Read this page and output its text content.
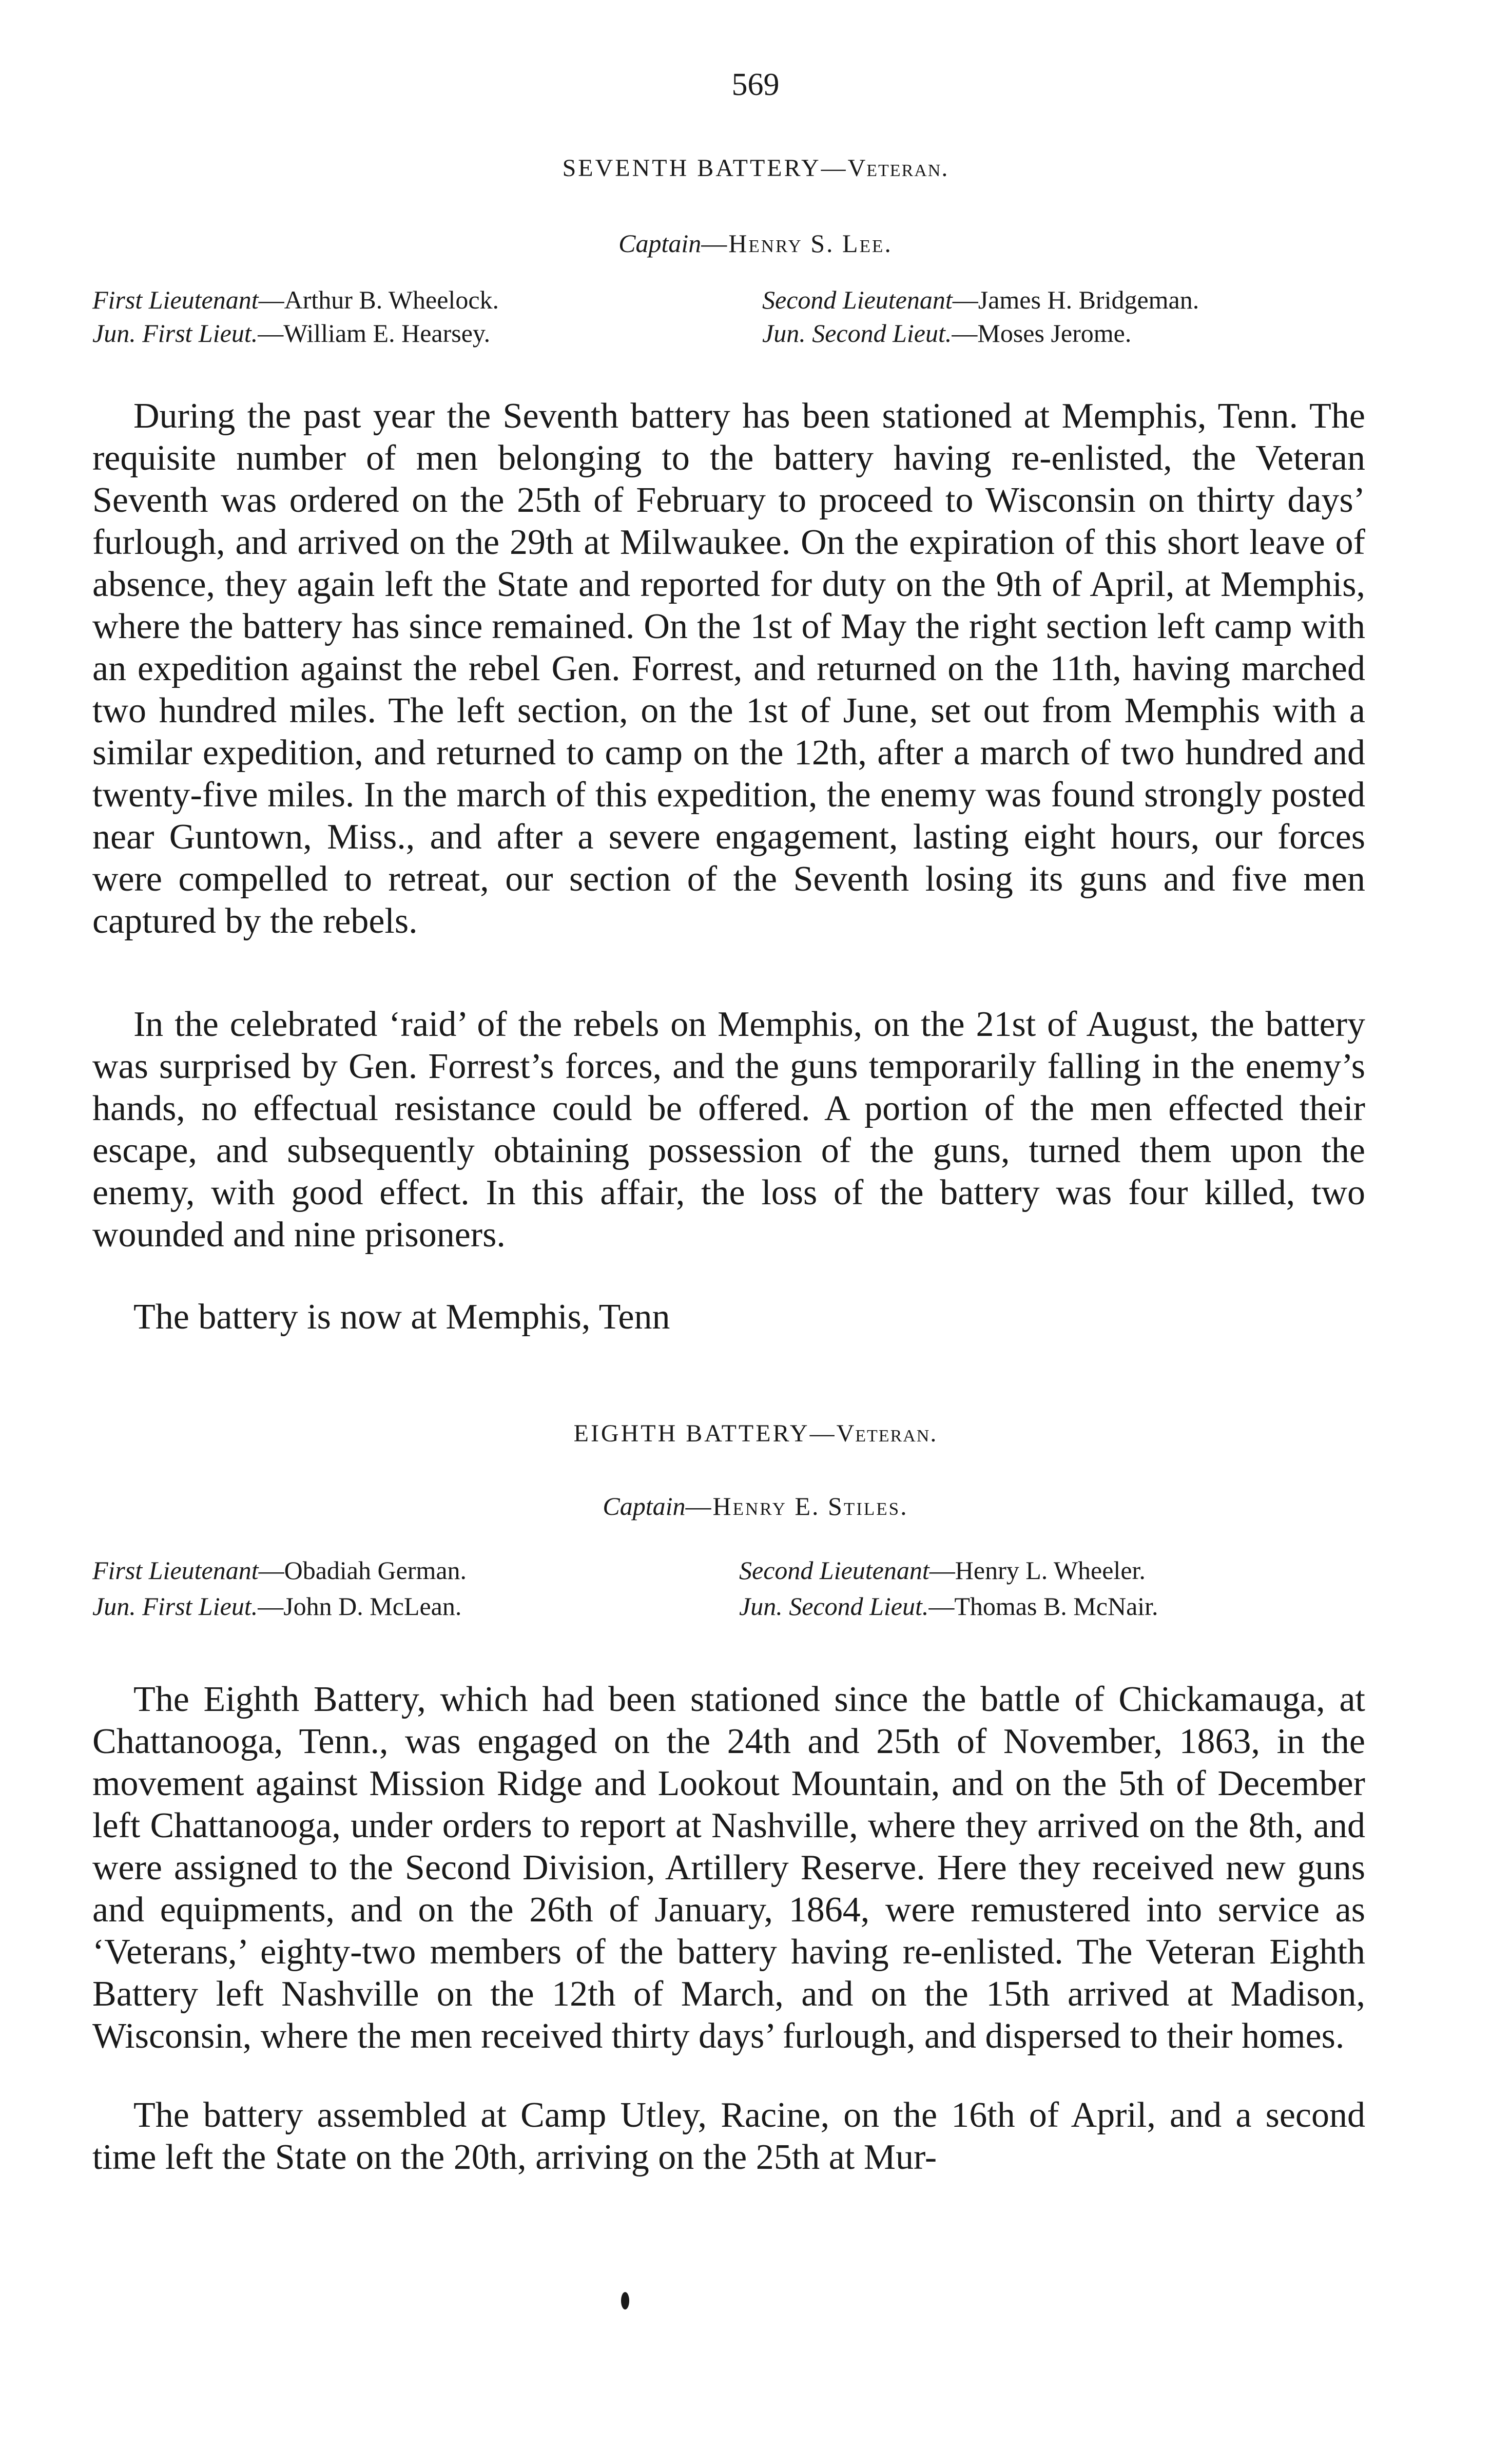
569
SEVENTH BATTERY—Veteran.
Captain—Henry S. Lee.
First Lieutenant—Arthur B. Wheelock.	Second Lieutenant—James H. Bridgeman.
Jun. First Lieut.—William E. Hearsey.	Jun. Second Lieut.—Moses Jerome.

During the past year the Seventh battery has been stationed at Memphis, Tenn. The requisite number of men belonging to the battery having re-enlisted, the Veteran Seventh was ordered on the 25th of February to proceed to Wisconsin on thirty days’ furlough, and arrived on the 29th at Milwaukee. On the expiration of this short leave of absence, they again left the State and reported for duty on the 9th of April, at Memphis, where the battery has since remained. On the 1st of May the right section left camp with an expedition against the rebel Gen. Forrest, and returned on the 11th, having marched two hundred miles. The left section, on the 1st of June, set out from Memphis with a similar expedition, and returned to camp on the 12th, after a march of two hundred and twenty-five miles. In the march of this expedition, the enemy was found strongly posted near Guntown, Miss., and after a severe engagement, lasting eight hours, our forces were compelled to retreat, our section of the Seventh losing its guns and five men captured by the rebels.

In the celebrated ‘raid’ of the rebels on Memphis, on the 21st of August, the battery was surprised by Gen. Forrest’s forces, and the guns temporarily falling in the enemy’s hands, no effectual resistance could be offered. A portion of the men effected their escape, and subsequently obtaining possession of the guns, turned them upon the enemy, with good effect. In this affair, the loss of the battery was four killed, two wounded and nine prisoners.

The battery is now at Memphis, Tenn

EIGHTH BATTERY—Veteran.
Captain—Henry E. Stiles.
First Lieutenant—Obadiah German.	Second Lieutenant—Henry L. Wheeler.
Jun. First Lieut.—John D. McLean.	Jun. Second Lieut.—Thomas B. McNair.

The Eighth Battery, which had been stationed since the battle of Chickamauga, at Chattanooga, Tenn., was engaged on the 24th and 25th of November, 1863, in the movement against Mission Ridge and Lookout Mountain, and on the 5th of December left Chattanooga, under orders to report at Nashville, where they arrived on the 8th, and were assigned to the Second Division, Artillery Reserve. Here they received new guns and equipments, and on the 26th of January, 1864, were remustered into service as ‘Veterans,’ eighty-two members of the battery having re-enlisted. The Veteran Eighth Battery left Nashville on the 12th of March, and on the 15th arrived at Madison, Wisconsin, where the men received thirty days’ furlough, and dispersed to their homes.

The battery assembled at Camp Utley, Racine, on the 16th of April, and a second time left the State on the 20th, arriving on the 25th at Mur-
